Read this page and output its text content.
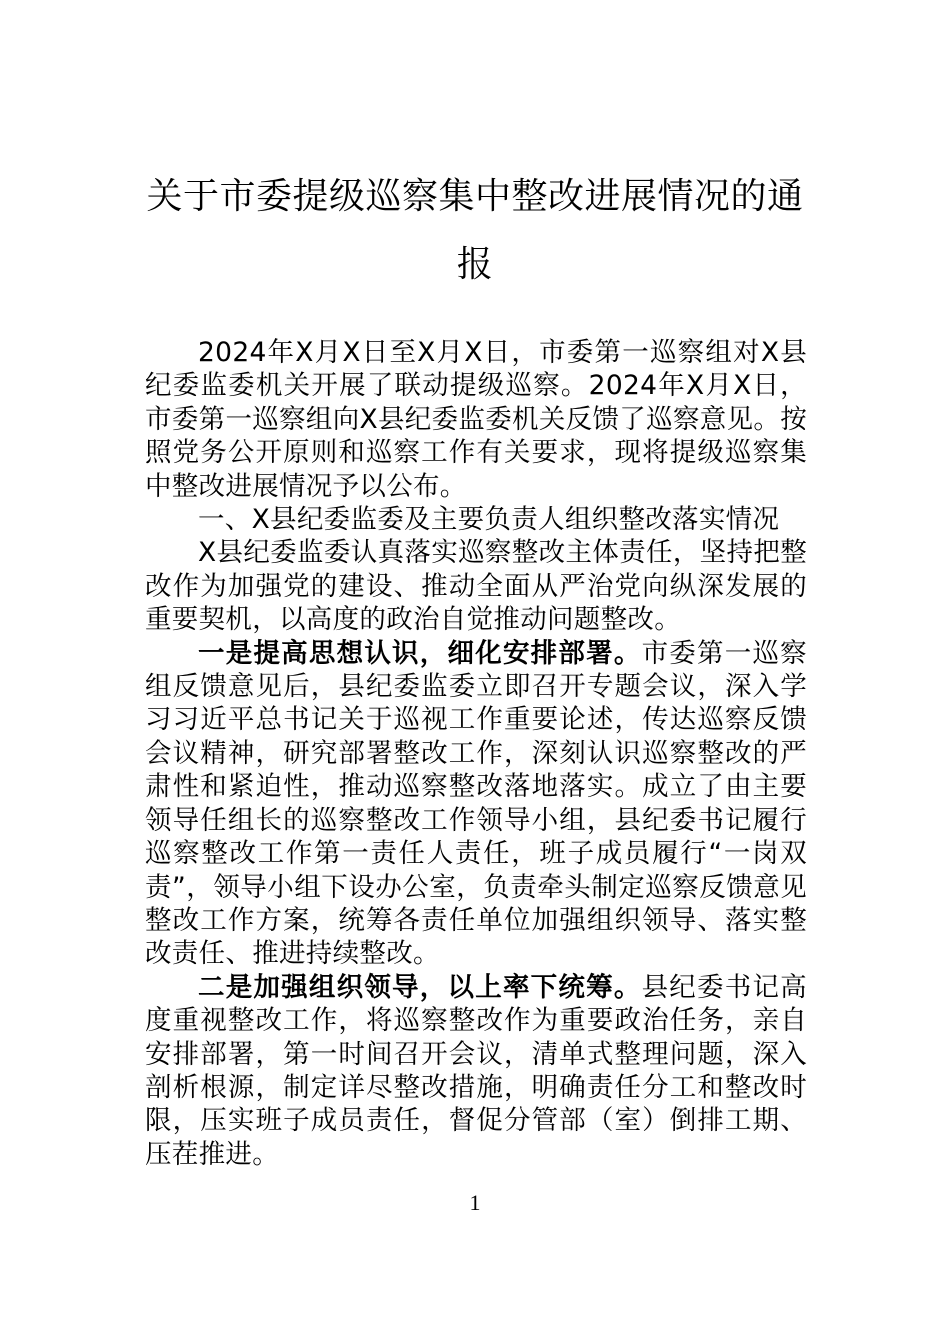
关于市委提级巡察集中整改进展情况的通
报

2024年X月X日至X月X日，市委第一巡察组对X县纪委监委机关开展了联动提级巡察。2024年X月X日，市委第一巡察组向X县纪委监委机关反馈了巡察意见。按照党务公开原则和巡察工作有关要求，现将提级巡察集中整改进展情况予以公布。

一、X县纪委监委及主要负责人组织整改落实情况

X县纪委监委认真落实巡察整改主体责任，坚持把整改作为加强党的建设、推动全面从严治党向纵深发展的重要契机，以高度的政治自觉推动问题整改。

一是提高思想认识，细化安排部署。市委第一巡察组反馈意见后，县纪委监委立即召开专题会议，深入学习习近平总书记关于巡视工作重要论述，传达巡察反馈会议精神，研究部署整改工作，深刻认识巡察整改的严肃性和紧迫性，推动巡察整改落地落实。成立了由主要领导任组长的巡察整改工作领导小组，县纪委书记履行巡察整改工作第一责任人责任，班子成员履行“一岗双责”，领导小组下设办公室，负责牵头制定巡察反馈意见整改工作方案，统筹各责任单位加强组织领导、落实整改责任、推进持续整改。

二是加强组织领导，以上率下统筹。县纪委书记高度重视整改工作，将巡察整改作为重要政治任务，亲自安排部署，第一时间召开会议，清单式整理问题，深入剖析根源，制定详尽整改措施，明确责任分工和整改时限，压实班子成员责任，督促分管部（室）倒排工期、压茬推进。

1
